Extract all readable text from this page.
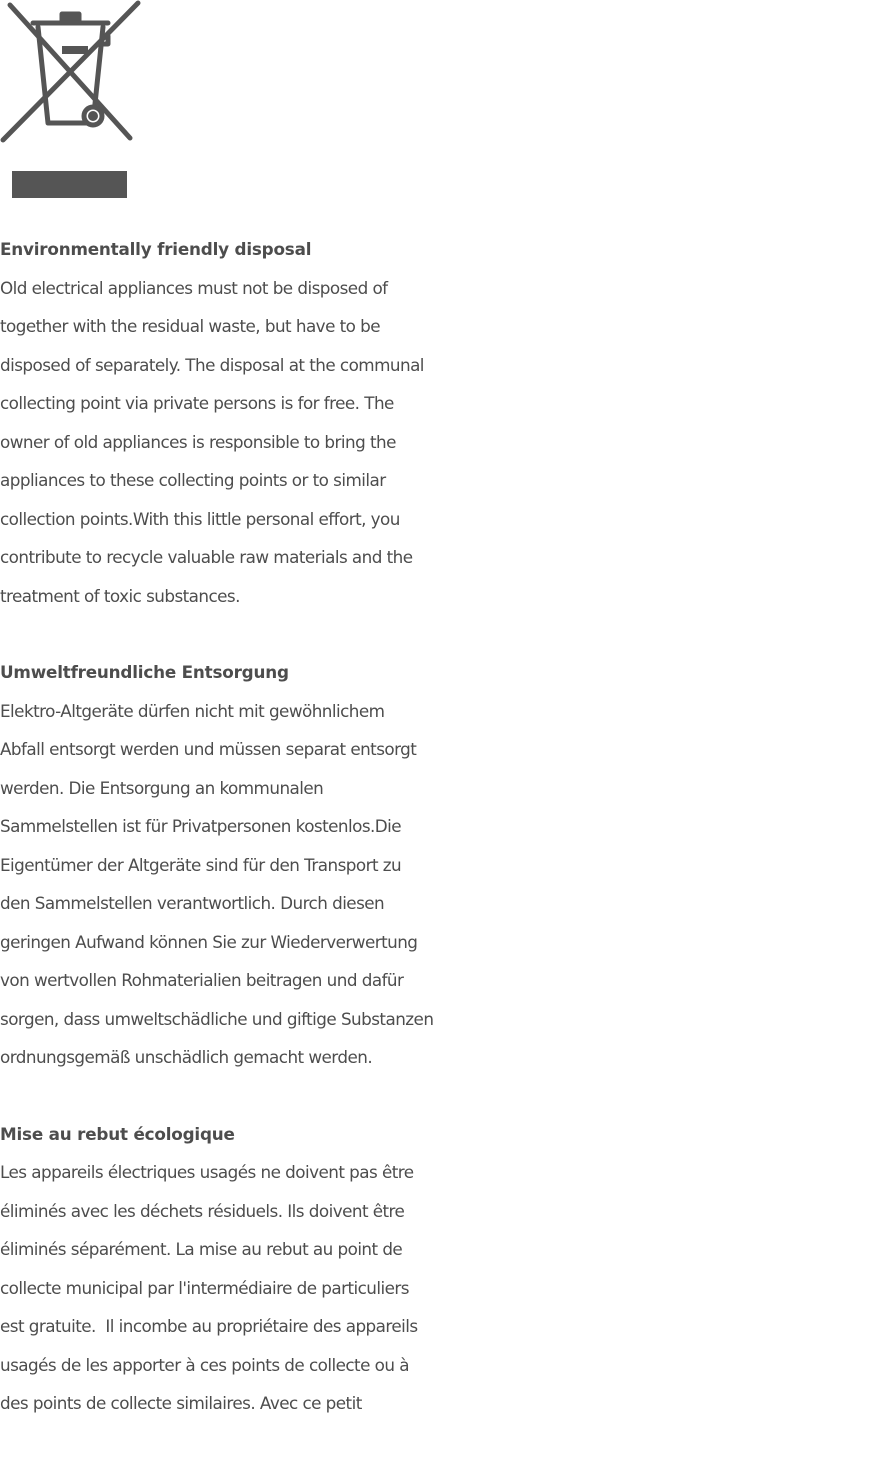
Environmentally friendly disposal
Old electrical appliances must not be disposed of
together with the residual waste, but have to be
disposed of separately. The disposal at the communal
collecting point via private persons is for free. The
owner of old appliances is responsible to bring the
appliances to these collecting points or to similar
collection points.With this little personal effort, you
contribute to recycle valuable raw materials and the
treatment of toxic substances.
Umweltfreundliche Entsorgung
Elektro-Altgeräte dürfen nicht mit gewöhnlichem
Abfall entsorgt werden und müssen separat entsorgt
werden. Die Entsorgung an kommunalen
Sammelstellen ist für Privatpersonen kostenlos.Die
Eigentümer der Altgeräte sind für den Transport zu
den Sammelstellen verantwortlich. Durch diesen
geringen Aufwand können Sie zur Wiederverwertung
von wertvollen Rohmaterialien beitragen und dafür
sorgen, dass umweltschädliche und giftige Substanzen
ordnungsgemäß unschädlich gemacht werden.
Mise au rebut écologique
Les appareils électriques usagés ne doivent pas être
éliminés avec les déchets résiduels. Ils doivent être
éliminés séparément. La mise au rebut au point de
collecte municipal par l'intermédiaire de particuliers
est gratuite.  Il incombe au propriétaire des appareils
usagés de les apporter à ces points de collecte ou à
des points de collecte similaires. Avec ce petit
